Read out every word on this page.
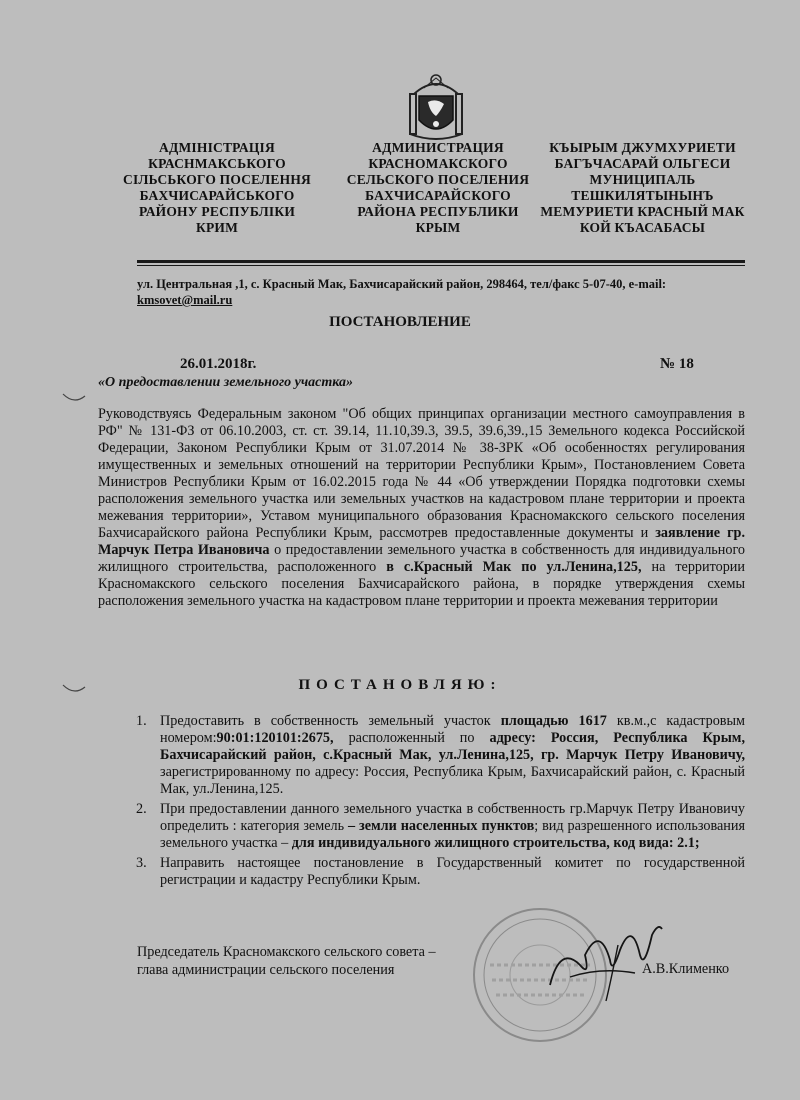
АДМІНІСТРАЦІЯ
КРАСНМАКСЬКОГО
СІЛЬСЬКОГО ПОСЕЛЕННЯ
БАХЧИСАРАЙСЬКОГО
РАЙОНУ РЕСПУБЛІКИ
КРИМ
АДМИНИСТРАЦИЯ
КРАСНОМАКСКОГО
СЕЛЬСКОГО ПОСЕЛЕНИЯ
БАХЧИСАРАЙСКОГО
РАЙОНА РЕСПУБЛИКИ
КРЫМ
КЪЫРЫМ ДЖУМХУРИЕТИ
БАГЪЧАСАРАЙ ОЛЬГЕСИ
МУНИЦИПАЛЬ
ТЕШКИЛЯТЫНЫНЪ
МЕМУРИЕТИ КРАСНЫЙ МАК
КОЙ КЪАСАБАСЫ
ул. Центральная ,1, с. Красный Мак, Бахчисарайский район, 298464, тел/факс 5-07-40, e-mail:
kmsovet@mail.ru
ПОСТАНОВЛЕНИЕ
26.01.2018г.	№ 18
«О предоставлении земельного участка»
Руководствуясь Федеральным законом "Об общих принципах организации местного самоуправления в РФ" № 131-ФЗ от 06.10.2003, ст. ст. 39.14, 11.10,39.3, 39.5, 39.6,39.,15 Земельного кодекса Российской Федерации, Законом Республики Крым от 31.07.2014 № 38-ЗРК «Об особенностях регулирования имущественных и земельных отношений на территории Республики Крым», Постановлением Совета Министров Республики Крым от 16.02.2015 года № 44 «Об утверждении Порядка подготовки схемы расположения земельного участка или земельных участков на кадастровом плане территории и проекта межевания территории», Уставом муниципального образования Красномакского сельского поселения Бахчисарайского района Республики Крым, рассмотрев предоставленные документы и заявление гр. Марчук Петра Ивановича о предоставлении земельного участка в собственность для индивидуального жилищного строительства, расположенного в с.Красный Мак по ул.Ленина,125, на территории Красномакского сельского поселения Бахчисарайского района, в порядке утверждения схемы расположения земельного участка на кадастровом плане территории и проекта межевания территории
ПОСТАНОВЛЯЮ:
1. Предоставить в собственность земельный участок площадью 1617 кв.м.,с кадастровым номером:90:01:120101:2675, расположенный по адресу: Россия, Республика Крым, Бахчисарайский район, с.Красный Мак, ул.Ленина,125, гр. Марчук Петру Ивановичу, зарегистрированному по адресу: Россия, Республика Крым, Бахчисарайский район, с. Красный Мак, ул.Ленина,125.
2. При предоставлении данного земельного участка в собственность гр.Марчук Петру Ивановичу определить : категория земель – земли населенных пунктов; вид разрешенного использования земельного участка – для индивидуального жилищного строительства, код вида: 2.1;
3. Направить настоящее постановление в Государственный комитет по государственной регистрации и кадастру Республики Крым.
Председатель Красномакского сельского совета –
глава администрации сельского поселения	А.В.Клименко
